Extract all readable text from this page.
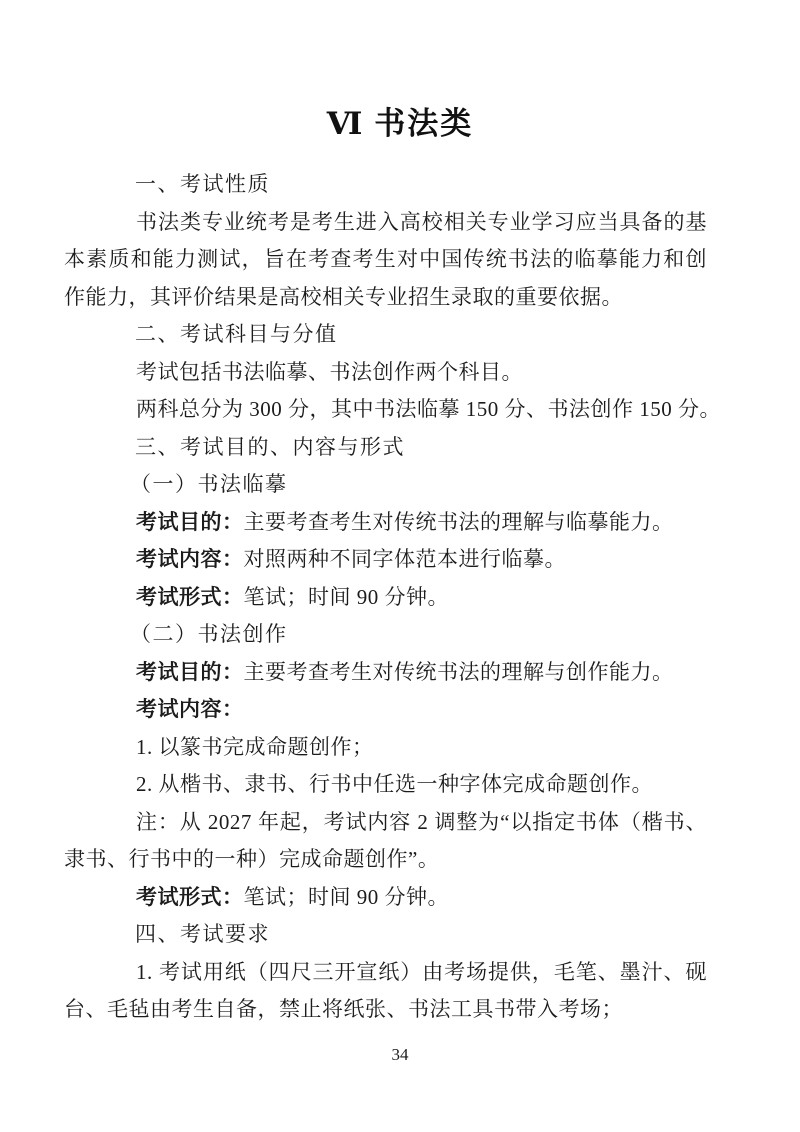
Ⅵ 书法类
一、考试性质

书法类专业统考是考生进入高校相关专业学习应当具备的基本素质和能力测试，旨在考查考生对中国传统书法的临摹能力和创作能力，其评价结果是高校相关专业招生录取的重要依据。

二、考试科目与分值

考试包括书法临摹、书法创作两个科目。

两科总分为 300 分，其中书法临摹 150 分、书法创作 150 分。

三、考试目的、内容与形式
（一）书法临摹

考试目的：主要考查考生对传统书法的理解与临摹能力。

考试内容：对照两种不同字体范本进行临摹。

考试形式：笔试；时间 90 分钟。

（二）书法创作

考试目的：主要考查考生对传统书法的理解与创作能力。

考试内容：

1. 以篆书完成命题创作；

2. 从楷书、隶书、行书中任选一种字体完成命题创作。

注：从 2027 年起，考试内容 2 调整为“以指定书体（楷书、隶书、行书中的一种）完成命题创作”。

考试形式：笔试；时间 90 分钟。

四、考试要求

1. 考试用纸（四尺三开宣纸）由考场提供，毛笔、墨汁、砚台、毛毡由考生自备，禁止将纸张、书法工具书带入考场；

34
